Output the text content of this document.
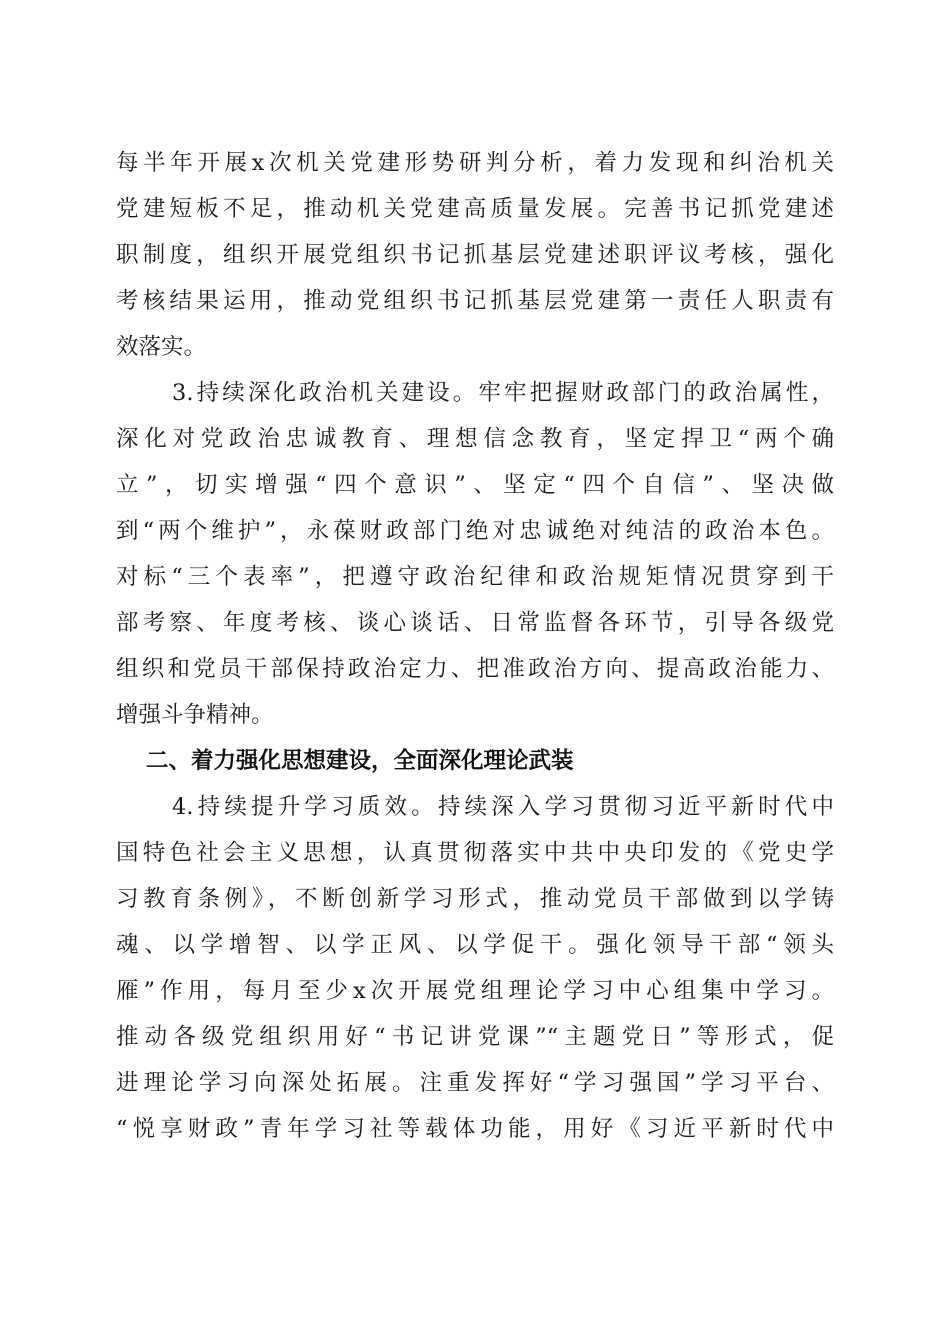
每半年开展x次机关党建形势研判分析，着力发现和纠治机关
党建短板不足，推动机关党建高质量发展。完善书记抓党建述
职制度，组织开展党组织书记抓基层党建述职评议考核，强化
考核结果运用，推动党组织书记抓基层党建第一责任人职责有
效落实。
3.持续深化政治机关建设。牢牢把握财政部门的政治属性，
深化对党政治忠诚教育、理想信念教育，坚定捍卫“两个确
立”，切实增强“四个意识”、坚定“四个自信”、坚决做
到“两个维护”，永葆财政部门绝对忠诚绝对纯洁的政治本色。
对标“三个表率”，把遵守政治纪律和政治规矩情况贯穿到干
部考察、年度考核、谈心谈话、日常监督各环节，引导各级党
组织和党员干部保持政治定力、把准政治方向、提高政治能力、
增强斗争精神。
二、着力强化思想建设，全面深化理论武装
4.持续提升学习质效。持续深入学习贯彻习近平新时代中
国特色社会主义思想，认真贯彻落实中共中央印发的《党史学
习教育条例》，不断创新学习形式，推动党员干部做到以学铸
魂、以学增智、以学正风、以学促干。强化领导干部“领头
雁”作用，每月至少x次开展党组理论学习中心组集中学习。
推动各级党组织用好“书记讲党课”“主题党日”等形式，促
进理论学习向深处拓展。注重发挥好“学习强国”学习平台、
“悦享财政”青年学习社等载体功能，用好《习近平新时代中
